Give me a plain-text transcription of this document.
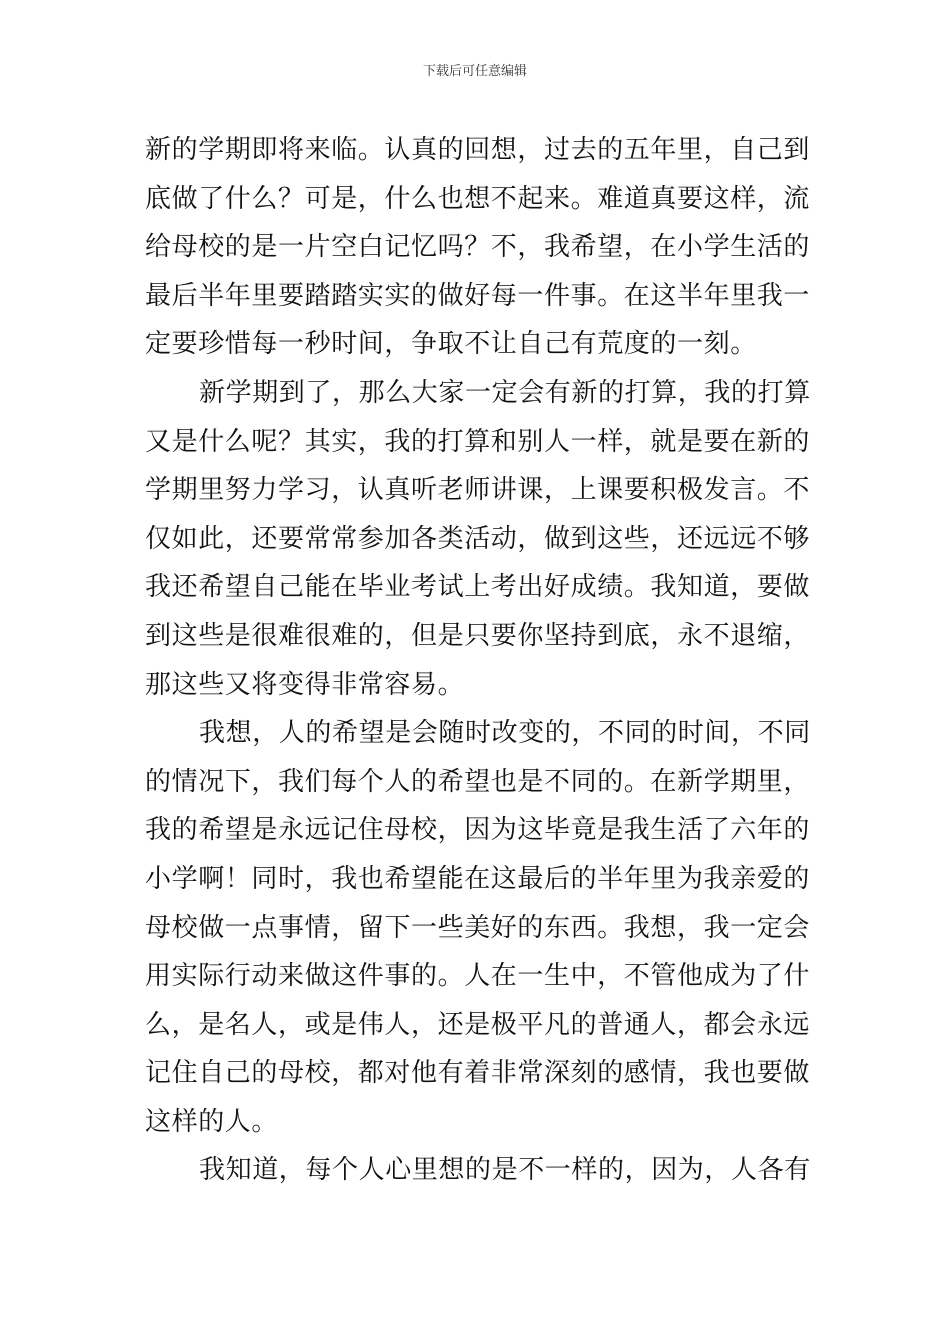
下载后可任意编辑
新的学期即将来临。认真的回想，过去的五年里，自己到
底做了什么？可是，什么也想不起来。难道真要这样，流
给母校的是一片空白记忆吗？不，我希望，在小学生活的
最后半年里要踏踏实实的做好每一件事。在这半年里我一
定要珍惜每一秒时间，争取不让自己有荒度的一刻。
新学期到了，那么大家一定会有新的打算，我的打算
又是什么呢？其实，我的打算和别人一样，就是要在新的
学期里努力学习，认真听老师讲课，上课要积极发言。不
仅如此，还要常常参加各类活动，做到这些，还远远不够
我还希望自己能在毕业考试上考出好成绩。我知道，要做
到这些是很难很难的，但是只要你坚持到底，永不退缩，
那这些又将变得非常容易。
我想，人的希望是会随时改变的，不同的时间，不同
的情况下，我们每个人的希望也是不同的。在新学期里，
我的希望是永远记住母校，因为这毕竟是我生活了六年的
小学啊！同时，我也希望能在这最后的半年里为我亲爱的
母校做一点事情，留下一些美好的东西。我想，我一定会
用实际行动来做这件事的。人在一生中，不管他成为了什
么，是名人，或是伟人，还是极平凡的普通人，都会永远
记住自己的母校，都对他有着非常深刻的感情，我也要做
这样的人。
我知道，每个人心里想的是不一样的，因为，人各有
